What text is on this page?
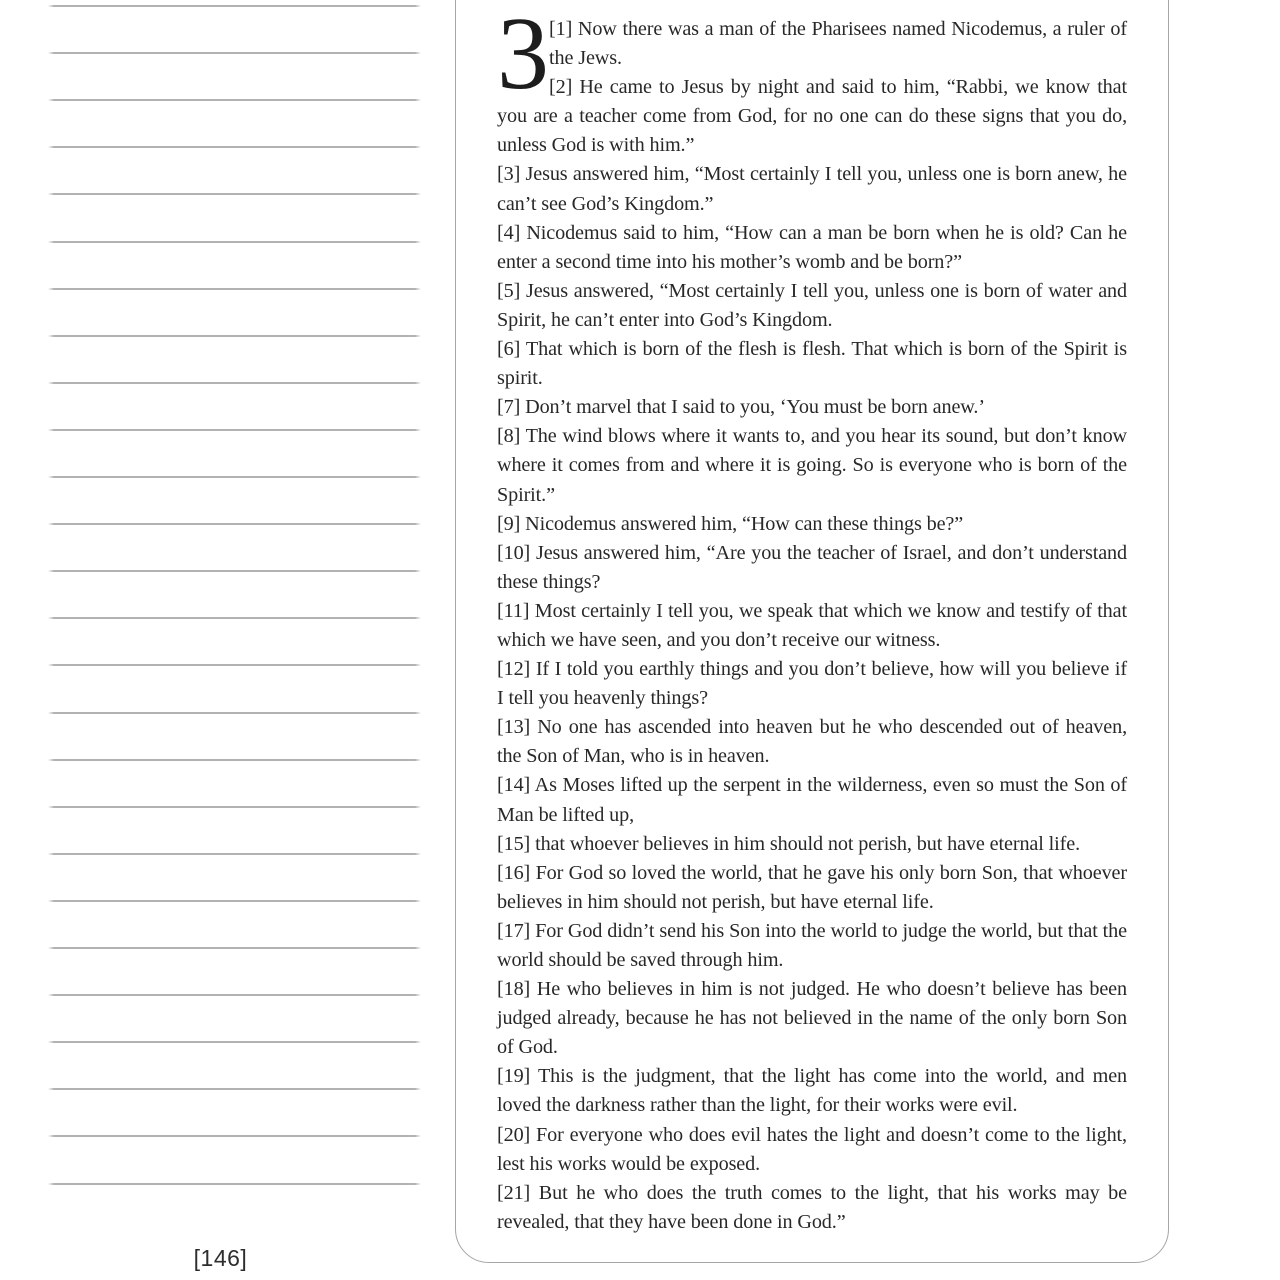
[146]
3 [1] Now there was a man of the Pharisees named Nicodemus, a ruler of the Jews.

[2] He came to Jesus by night and said to him, “Rabbi, we know that you are a teacher come from God, for no one can do these signs that you do, unless God is with him.”

[3] Jesus answered him, “Most certainly I tell you, unless one is born anew, he can’t see God’s Kingdom.”

[4] Nicodemus said to him, “How can a man be born when he is old? Can he enter a second time into his mother’s womb and be born?”

[5] Jesus answered, “Most certainly I tell you, unless one is born of water and Spirit, he can’t enter into God’s Kingdom.

[6] That which is born of the flesh is flesh. That which is born of the Spirit is spirit.

[7] Don’t marvel that I said to you, ‘You must be born anew.’

[8] The wind blows where it wants to, and you hear its sound, but don’t know where it comes from and where it is going. So is everyone who is born of the Spirit.”

[9] Nicodemus answered him, “How can these things be?”

[10] Jesus answered him, “Are you the teacher of Israel, and don’t understand these things?

[11] Most certainly I tell you, we speak that which we know and testify of that which we have seen, and you don’t receive our witness.

[12] If I told you earthly things and you don’t believe, how will you believe if I tell you heavenly things?

[13] No one has ascended into heaven but he who descended out of heaven, the Son of Man, who is in heaven.

[14] As Moses lifted up the serpent in the wilderness, even so must the Son of Man be lifted up,

[15] that whoever believes in him should not perish, but have eternal life.

[16] For God so loved the world, that he gave his only born Son, that whoever believes in him should not perish, but have eternal life.

[17] For God didn’t send his Son into the world to judge the world, but that the world should be saved through him.

[18] He who believes in him is not judged. He who doesn’t believe has been judged already, because he has not believed in the name of the only born Son of God.

[19] This is the judgment, that the light has come into the world, and men loved the darkness rather than the light, for their works were evil.

[20] For everyone who does evil hates the light and doesn’t come to the light, lest his works would be exposed.

[21] But he who does the truth comes to the light, that his works may be revealed, that they have been done in God.”
